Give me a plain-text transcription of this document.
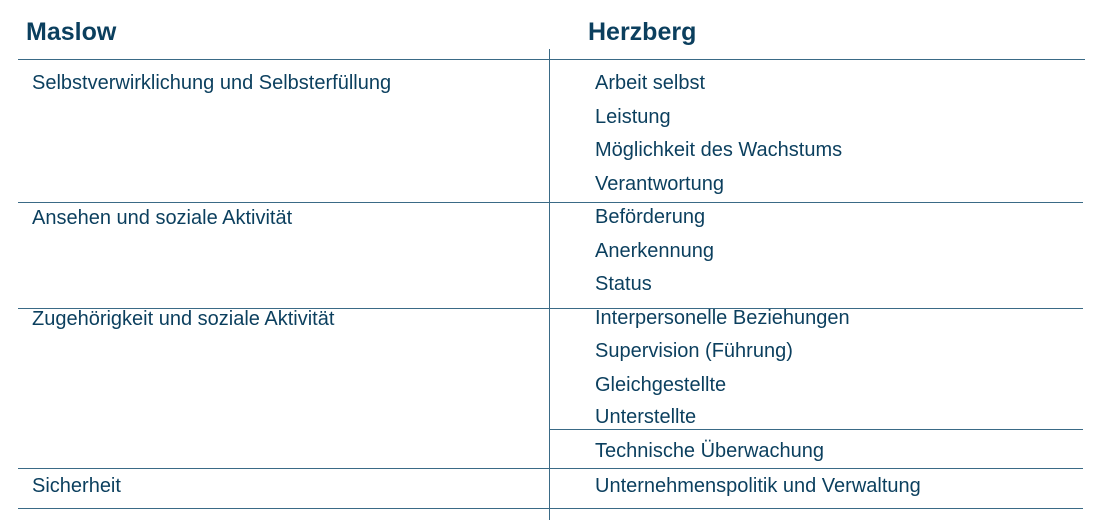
Maslow	Herzberg
Selbstverwirklichung und Selbsterfüllung
Ansehen und soziale Aktivität
Zugehörigkeit und soziale Aktivität
Sicherheit
Arbeit selbst
Leistung
Möglichkeit des Wachstums
Verantwortung
Beförderung
Anerkennung
Status
Interpersonelle Beziehungen
Supervision (Führung)
Gleichgestellte
Unterstellte
Technische Überwachung
Unternehmenspolitik und Verwaltung
